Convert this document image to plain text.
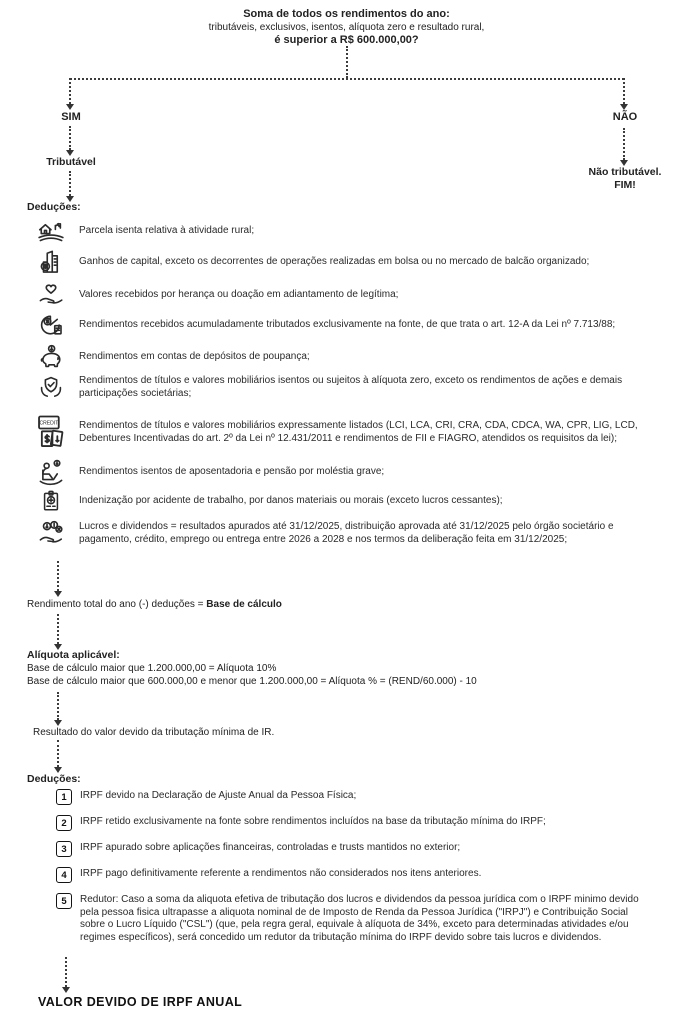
Soma de todos os rendimentos do ano:
tributáveis, exclusivos, isentos, alíquota zero e resultado rural,
é superior a R$ 600.000,00?
SIM
Tributável
NÃO
Não tributável.
FIM!
Deduções:
Parcela isenta relativa à atividade rural;
Ganhos de capital, exceto os decorrentes de operações realizadas em bolsa ou no mercado de balcão organizado;
Valores recebidos por herança ou doação em adiantamento de legítima;
Rendimentos recebidos acumuladamente tributados exclusivamente na fonte, de que trata o art. 12-A da Lei nº 7.713/88;
Rendimentos em contas de depósitos de poupança;
Rendimentos de títulos e valores mobiliários isentos ou sujeitos à alíquota zero, exceto os rendimentos de ações e demais participações societárias;
CREDIT Rendimentos de títulos e valores mobiliários expressamente listados (LCI, LCA, CRI, CRA, CDA, CDCA, WA, CPR, LIG, LCD, Debentures Incentivadas do art. 2º da Lei nº 12.431/2011 e rendimentos de FII e FIAGRO, atendidos os requisitos da lei);
Rendimentos isentos de aposentadoria e pensão por moléstia grave;
Indenização por acidente de trabalho, por danos materiais ou morais (exceto lucros cessantes);
Lucros e dividendos = resultados apurados até 31/12/2025, distribuição aprovada até 31/12/2025 pelo órgão societário e pagamento, crédito, emprego ou entrega entre 2026 a 2028 e nos termos da deliberação feita em 31/12/2025;
Rendimento total do ano (-) deduções = Base de cálculo
Alíquota aplicável:
Base de cálculo maior que 1.200.000,00 = Alíquota 10%
Base de cálculo maior que 600.000,00 e menor que 1.200.000,00 = Alíquota % = (REND/60.000) - 10
Resultado do valor devido da tributação mínima de IR.
Deduções:
1	IRPF devido na Declaração de Ajuste Anual da Pessoa Física;
2	IRPF retido exclusivamente na fonte sobre rendimentos incluídos na base da tributação mínima do IRPF;
3	IRPF apurado sobre aplicações financeiras, controladas e trusts mantidos no exterior;
4	IRPF pago definitivamente referente a rendimentos não considerados nos itens anteriores.
5	Redutor: Caso a soma da aliquota efetiva de tributação dos lucros e dividendos da pessoa jurídica com o IRPF minimo devido pela pessoa fisica ultrapasse a aliquota nominal de de Imposto de Renda da Pessoa Jurídica ("IRPJ") e Contribuição Social sobre o Lucro Líquido ("CSL") (que, pela regra geral, equivale à alíquota de 34%, exceto para determinadas atividades e/ou regimes específicos), será concedido um redutor da tributação mínima do IRPF devido sobre tais lucros e dividendos.
VALOR DEVIDO DE IRPF ANUAL
